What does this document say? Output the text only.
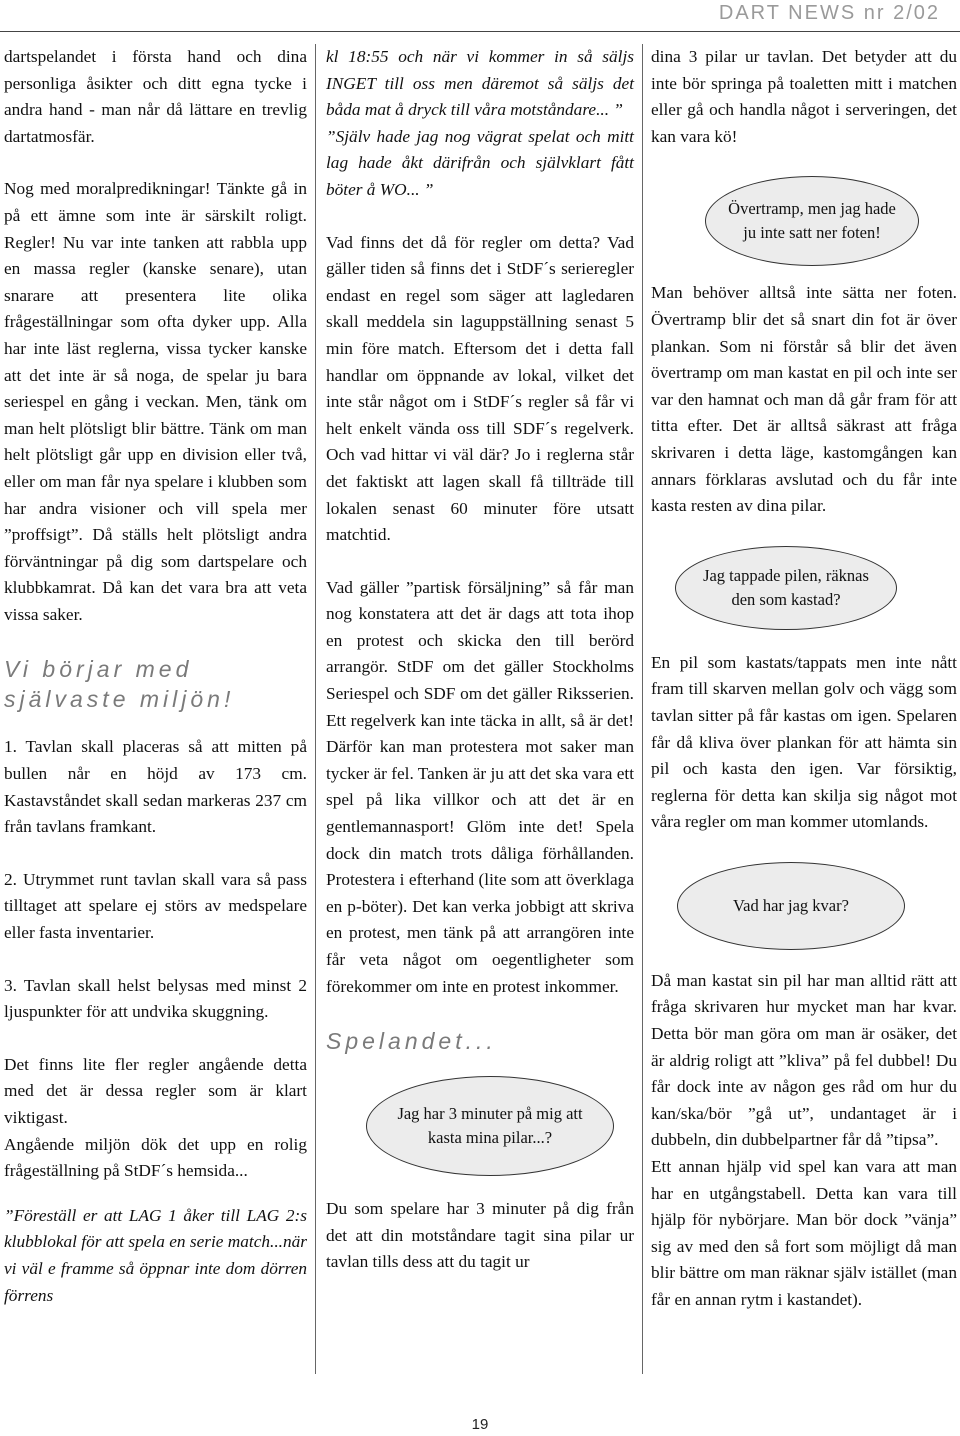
DART NEWS nr 2/02

dartspelandet i första hand och dina personliga åsikter och ditt egna tycke i andra hand - man når då lättare en trevlig dartatmosfär.

Nog med moralpredikningar! Tänkte gå in på ett ämne som inte är särskilt roligt. Regler! Nu var inte tanken att rabbla upp en massa regler (kanske senare), utan snarare att presentera lite olika frågeställningar som ofta dyker upp. Alla har inte läst reglerna, vissa tycker kanske att det inte är så noga, de spelar ju bara seriespel en gång i veckan. Men, tänk om man helt plötsligt blir bättre. Tänk om man helt plötsligt går upp en division eller två, eller om man får nya spelare i klubben som har andra visioner och vill spela mer ”proffsigt”. Då ställs helt plötsligt andra förväntningar på dig som dartspelare och klubbkamrat. Då kan det vara bra att veta vissa saker.

Vi börjar med självaste miljön!

1. Tavlan skall placeras så att mitten på bullen når en höjd av 173 cm. Kastavståndet skall sedan markeras 237 cm från tavlans framkant.

2. Utrymmet runt tavlan skall vara så pass tilltaget att spelare ej störs av medspelare eller fasta inventarier.

3. Tavlan skall helst belysas med minst 2 ljuspunkter för att undvika skuggning.

Det finns lite fler regler angående detta med det är dessa regler som är klart viktigast.

Angående miljön dök det upp en rolig frågeställning på StDF´s hemsida...

”Föreställ er att LAG 1 åker till LAG 2:s klubblokal för att spela en serie match...när vi väl e framme så öppnar inte dom dörren förrens

kl 18:55 och när vi kommer in så säljs INGET till oss men däremot så säljs det båda mat å dryck till våra motståndare... ”

”Själv hade jag nog vägrat spelat och mitt lag hade åkt därifrån och självklart fått böter å WO... ”

Vad finns det då för regler om detta? Vad gäller tiden så finns det i StDF´s serieregler endast en regel som säger att lagledaren skall meddela sin laguppställning senast 5 min före match. Eftersom det i detta fall handlar om öppnande av lokal, vilket det inte står något om i StDF´s regler så får vi helt enkelt vända oss till SDF´s regelverk. Och vad hittar vi väl där? Jo i reglerna står det faktiskt att lagen skall få tillträde till lokalen senast 60 minuter före utsatt matchtid.

Vad gäller ”partisk försäljning” så får man nog konstatera att det är dags att tota ihop en protest och skicka den till berörd arrangör. StDF om det gäller Stockholms Seriespel och SDF om det gäller Riksserien. Ett regelverk kan inte täcka in allt, så är det! Därför kan man protestera mot saker man tycker är fel. Tanken är ju att det ska vara ett spel på lika villkor och att det är en gentlemannasport! Glöm inte det! Spela dock din match trots dåliga förhållanden. Protestera i efterhand (lite som att överklaga en p-böter). Det kan verka jobbigt att skriva en protest, men tänk på att arrangören inte får veta något om oegentligheter som förekommer om inte en protest inkommer.

Spelandet...
Jag har 3 minuter på mig att kasta mina pilar...?

Du som spelare har 3 minuter på dig från det att din motståndare tagit sina pilar ur tavlan tills dess att du tagit ur

dina 3 pilar ur tavlan. Det betyder att du inte bör springa på toaletten mitt i matchen eller gå och handla något i serveringen, det kan vara kö!

Övertramp, men jag hade ju inte satt ner foten!

Man behöver alltså inte sätta ner foten. Övertramp blir det så snart din fot är över plankan. Som ni förstår så blir det även övertramp om man kastat en pil och inte ser var den hamnat och man då går fram för att titta efter. Det är alltså säkrast att fråga skrivaren i detta läge, kastomgången kan annars förklaras avslutad och du får inte kasta resten av dina pilar.

Jag tappade pilen, räknas den som kastad?

En pil som kastats/tappats men inte nått fram till skarven mellan golv och vägg som tavlan sitter på får kastas om igen. Spelaren får då kliva över plankan för att hämta sin pil och kasta den igen. Var försiktig, reglerna för detta kan skilja sig något mot våra regler om man kommer utomlands.

Vad har jag kvar?

Då man kastat sin pil har man alltid rätt att fråga skrivaren hur mycket man har kvar. Detta bör man göra om man är osäker, det är aldrig roligt att ”kliva” på fel dubbel! Du får dock inte av någon ges råd om hur du kan/ska/bör ”gå ut”, undantaget är i dubbeln, din dubbelpartner får då ”tipsa”.

Ett annan hjälp vid spel kan vara att man har en utgångstabell. Detta kan vara till hjälp för nybörjare. Man bör dock ”vänja” sig av med den så fort som möjligt då man blir bättre om man räknar själv istället (man får en annan rytm i kastandet).

19
